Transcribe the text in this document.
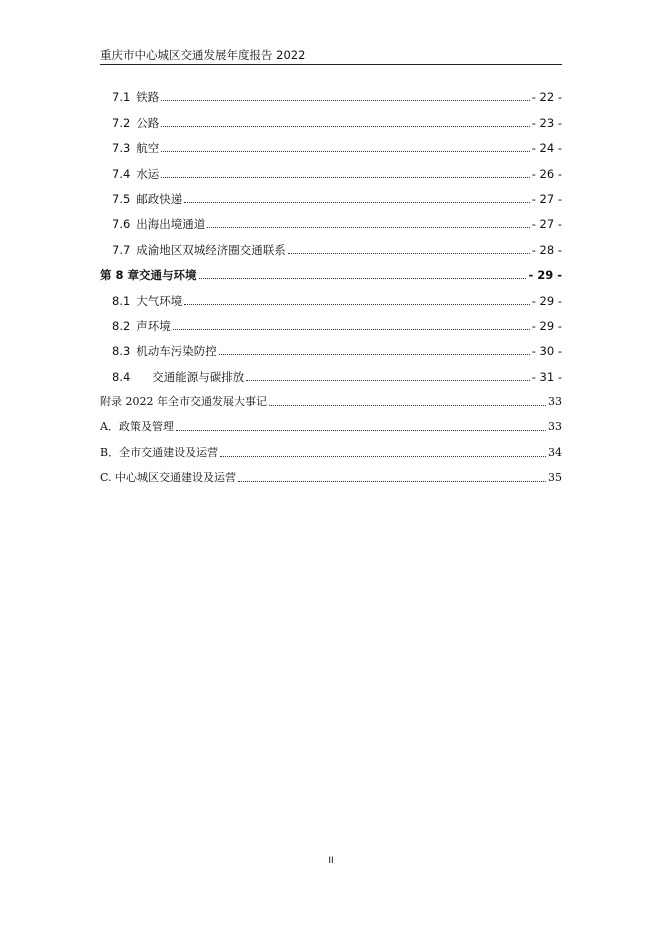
重庆市中心城区交通发展年度报告 2022
7.1 铁路	- 22 -
7.2 公路	- 23 -
7.3 航空	- 24 -
7.4 水运	- 26 -
7.5 邮政快递	- 27 -
7.6 出海出境通道	- 27 -
7.7 成渝地区双城经济圈交通联系	- 28 -
第 8 章交通与环境	- 29 -
8.1 大气环境	- 29 -
8.2 声环境	- 29 -
8.3 机动车污染防控	- 30 -
8.4 交通能源与碳排放	- 31 -
附录 2022 年全市交通发展大事记	33
A．政策及管理	33
B．全市交通建设及运营	34
C. 中心城区交通建设及运营	35
II
